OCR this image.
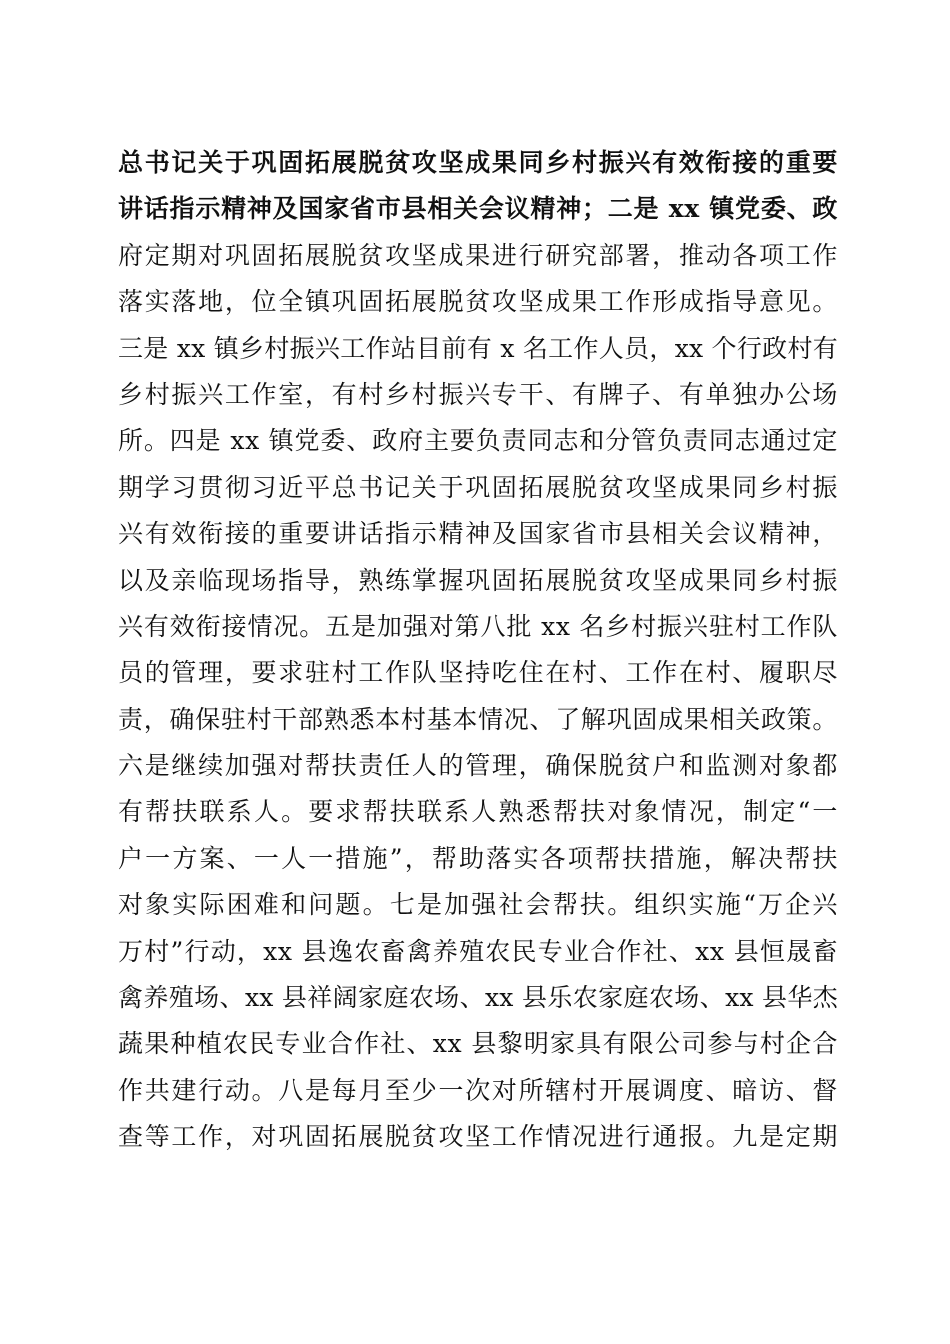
总书记关于巩固拓展脱贫攻坚成果同乡村振兴有效衔接的重要
讲话指示精神及国家省市县相关会议精神；二是 xx 镇党委、政
府定期对巩固拓展脱贫攻坚成果进行研究部署，推动各项工作
落实落地，位全镇巩固拓展脱贫攻坚成果工作形成指导意见。
三是 xx 镇乡村振兴工作站目前有 x 名工作人员，xx 个行政村有
乡村振兴工作室，有村乡村振兴专干、有牌子、有单独办公场
所。四是 xx 镇党委、政府主要负责同志和分管负责同志通过定
期学习贯彻习近平总书记关于巩固拓展脱贫攻坚成果同乡村振
兴有效衔接的重要讲话指示精神及国家省市县相关会议精神，
以及亲临现场指导，熟练掌握巩固拓展脱贫攻坚成果同乡村振
兴有效衔接情况。五是加强对第八批 xx 名乡村振兴驻村工作队
员的管理，要求驻村工作队坚持吃住在村、工作在村、履职尽
责，确保驻村干部熟悉本村基本情况、了解巩固成果相关政策。
六是继续加强对帮扶责任人的管理，确保脱贫户和监测对象都
有帮扶联系人。要求帮扶联系人熟悉帮扶对象情况，制定“一
户一方案、一人一措施”，帮助落实各项帮扶措施，解决帮扶
对象实际困难和问题。七是加强社会帮扶。组织实施“万企兴
万村”行动，xx 县逸农畜禽养殖农民专业合作社、xx 县恒晟畜
禽养殖场、xx 县祥阔家庭农场、xx 县乐农家庭农场、xx 县华杰
蔬果种植农民专业合作社、xx 县黎明家具有限公司参与村企合
作共建行动。八是每月至少一次对所辖村开展调度、暗访、督
查等工作，对巩固拓展脱贫攻坚工作情况进行通报。九是定期
